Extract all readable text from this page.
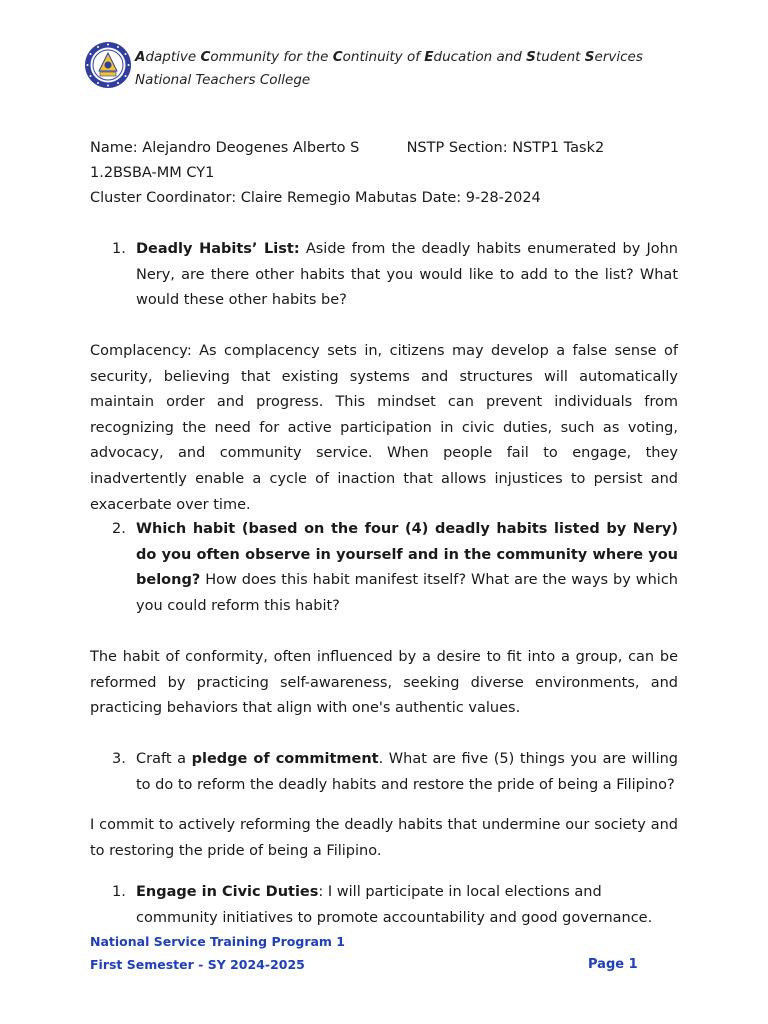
Adaptive Community for the Continuity of Education and Student Services
National Teachers College
Name: Alejandro Deogenes Alberto S	NSTP Section: NSTP1 Task2
1.2BSBA-MM CY1
Cluster Coordinator: Claire Remegio Mabutas Date: 9-28-2024
1. Deadly Habits’ List: Aside from the deadly habits enumerated by John Nery, are there other habits that you would like to add to the list? What would these other habits be?
Complacency: As complacency sets in, citizens may develop a false sense of security, believing that existing systems and structures will automatically maintain order and progress. This mindset can prevent individuals from recognizing the need for active participation in civic duties, such as voting, advocacy, and community service. When people fail to engage, they inadvertently enable a cycle of inaction that allows injustices to persist and exacerbate over time.
2. Which habit (based on the four (4) deadly habits listed by Nery) do you often observe in yourself and in the community where you belong? How does this habit manifest itself? What are the ways by which you could reform this habit?
The habit of conformity, often influenced by a desire to fit into a group, can be reformed by practicing self-awareness, seeking diverse environments, and practicing behaviors that align with one's authentic values.
3. Craft a pledge of commitment. What are five (5) things you are willing to do to reform the deadly habits and restore the pride of being a Filipino?
I commit to actively reforming the deadly habits that undermine our society and to restoring the pride of being a Filipino.
1. Engage in Civic Duties: I will participate in local elections and community initiatives to promote accountability and good governance.
National Service Training Program 1
First Semester - SY 2024-2025	Page 1
